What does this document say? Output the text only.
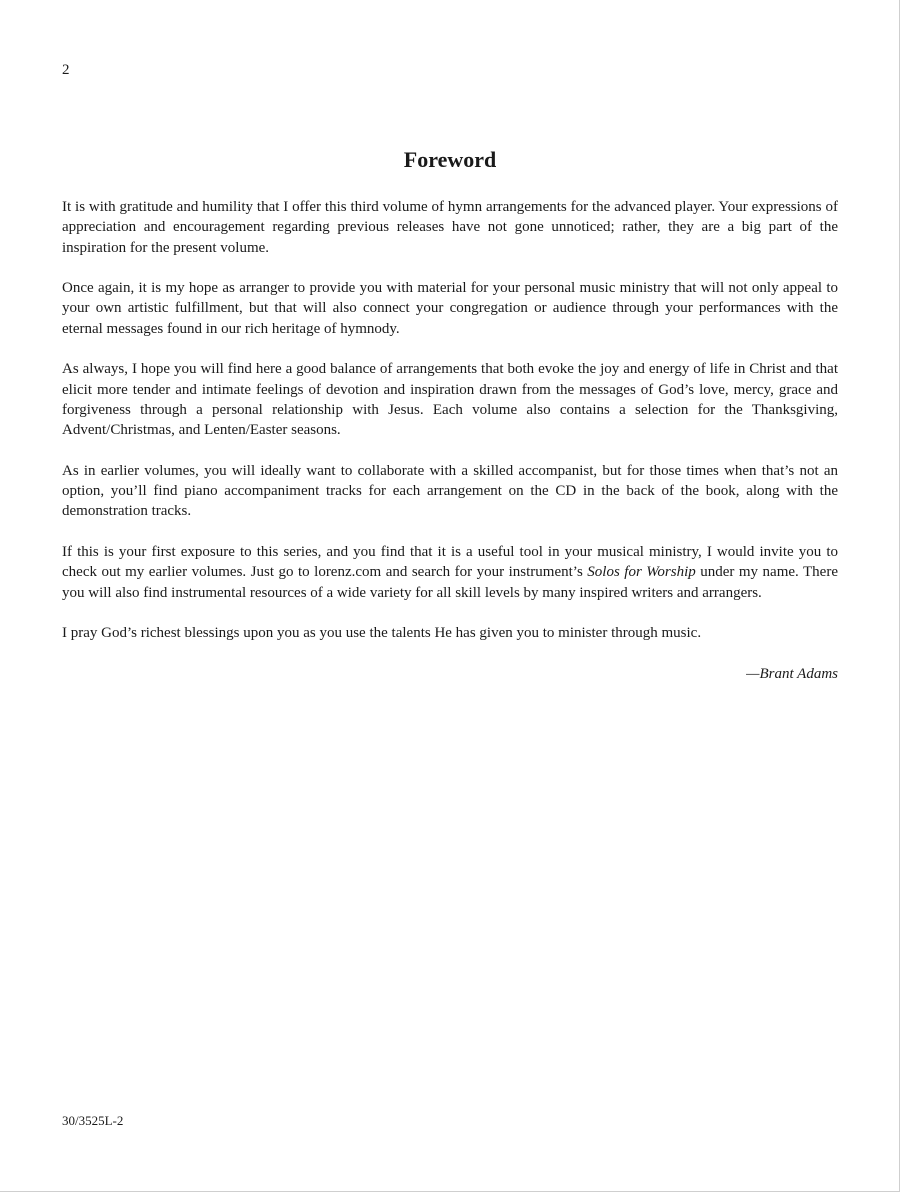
2
Foreword

It is with gratitude and humility that I offer this third volume of hymn arrangements for the advanced player. Your expressions of appreciation and encouragement regarding previous releases have not gone unnoticed; rather, they are a big part of the inspiration for the present volume.

Once again, it is my hope as arranger to provide you with material for your personal music ministry that will not only appeal to your own artistic fulfillment, but that will also connect your congregation or audience through your performances with the eternal messages found in our rich heritage of hymnody.

As always, I hope you will find here a good balance of arrangements that both evoke the joy and energy of life in Christ and that elicit more tender and intimate feelings of devotion and inspiration drawn from the messages of God’s love, mercy, grace and forgiveness through a personal relationship with Jesus. Each volume also contains a selection for the Thanksgiving, Advent/Christmas, and Lenten/Easter seasons.

As in earlier volumes, you will ideally want to collaborate with a skilled accompanist, but for those times when that’s not an option, you’ll find piano accompaniment tracks for each arrangement on the CD in the back of the book, along with the demonstration tracks.

If this is your first exposure to this series, and you find that it is a useful tool in your musical ministry, I would invite you to check out my earlier volumes. Just go to lorenz.com and search for your instrument’s Solos for Worship under my name. There you will also find instrumental resources of a wide variety for all skill levels by many inspired writers and arrangers.

I pray God’s richest blessings upon you as you use the talents He has given you to minister through music.

—Brant Adams

30/3525L-2
